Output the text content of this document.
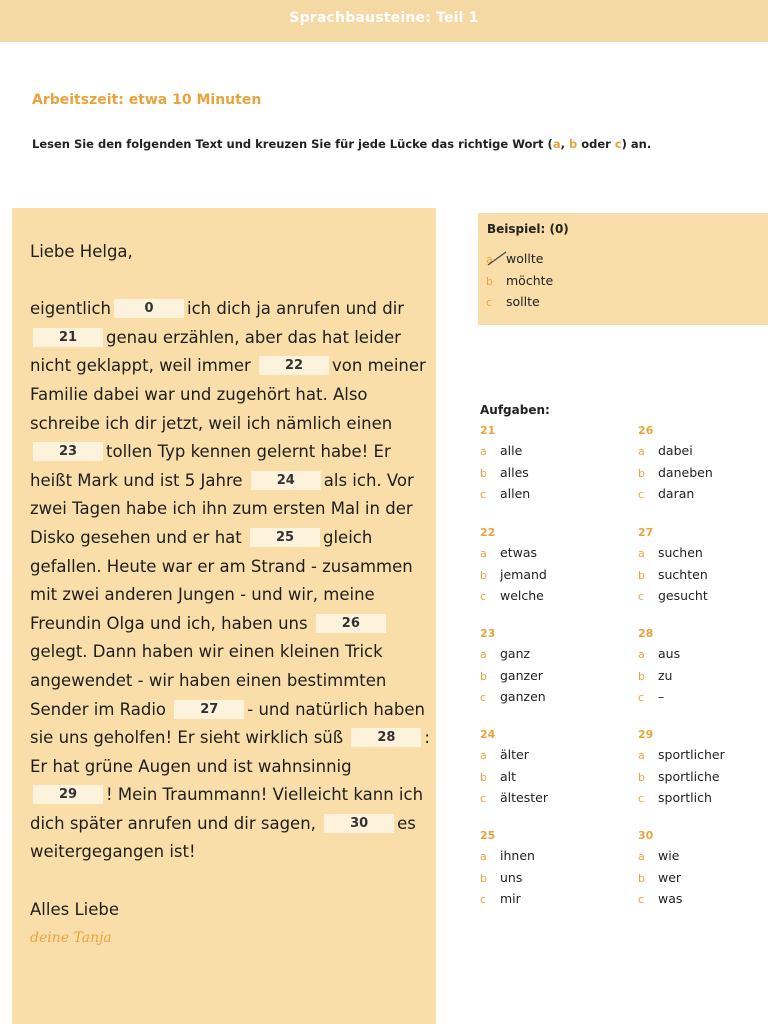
Sprachbausteine: Teil 1
Arbeitszeit: etwa 10 Minuten
Lesen Sie den folgenden Text und kreuzen Sie für jede Lücke das richtige Wort (a, b oder c) an.

Liebe Helga,

eigentlich	0 ich dich ja anrufen und dir 21 genau erzählen, aber das hat leider nicht geklappt, weil immer	22 von meiner Familie dabei war und zugehört hat. Also schreibe ich dir jetzt, weil ich nämlich einen 23 tollen Typ kennen gelernt habe! Er heißt Mark und ist 5 Jahre	24 als ich. Vor zwei Tagen habe ich ihn zum ersten Mal in der Disko gesehen und er hat	25 gleich gefallen. Heute war er am Strand - zusammen mit zwei anderen Jungen - und wir, meine Freundin Olga und ich, haben uns	26gelegt. Dann haben wir einen kleinen Trick angewendet - wir haben einen bestimmten Sender im Radio	27 - und natürlich haben sie uns geholfen! Er sieht wirklich süß	28 : Er hat grüne Augen und ist wahnsinnig 29 ! Mein Traummann! Vielleicht kann ich dich später anrufen und dir sagen,	30 es weitergegangen ist!

Alles Liebe

deine Tanja

Beispiel: (0)
a wollte
b möchte
c sollte
Aufgaben:
21
a alle
b alles
c allen
26
a dabei
b daneben
c daran
22
a etwas
b jemand
c welche
27
a suchen
b suchten
c gesucht
23
a ganz
b ganzer
c ganzen
28
a aus
b zu
c –
24
a älter
b alt
c ältester
29
a sportlicher
b sportliche
c sportlich
25
a ihnen
b uns
c mir
30
a wie
b wer
c was
